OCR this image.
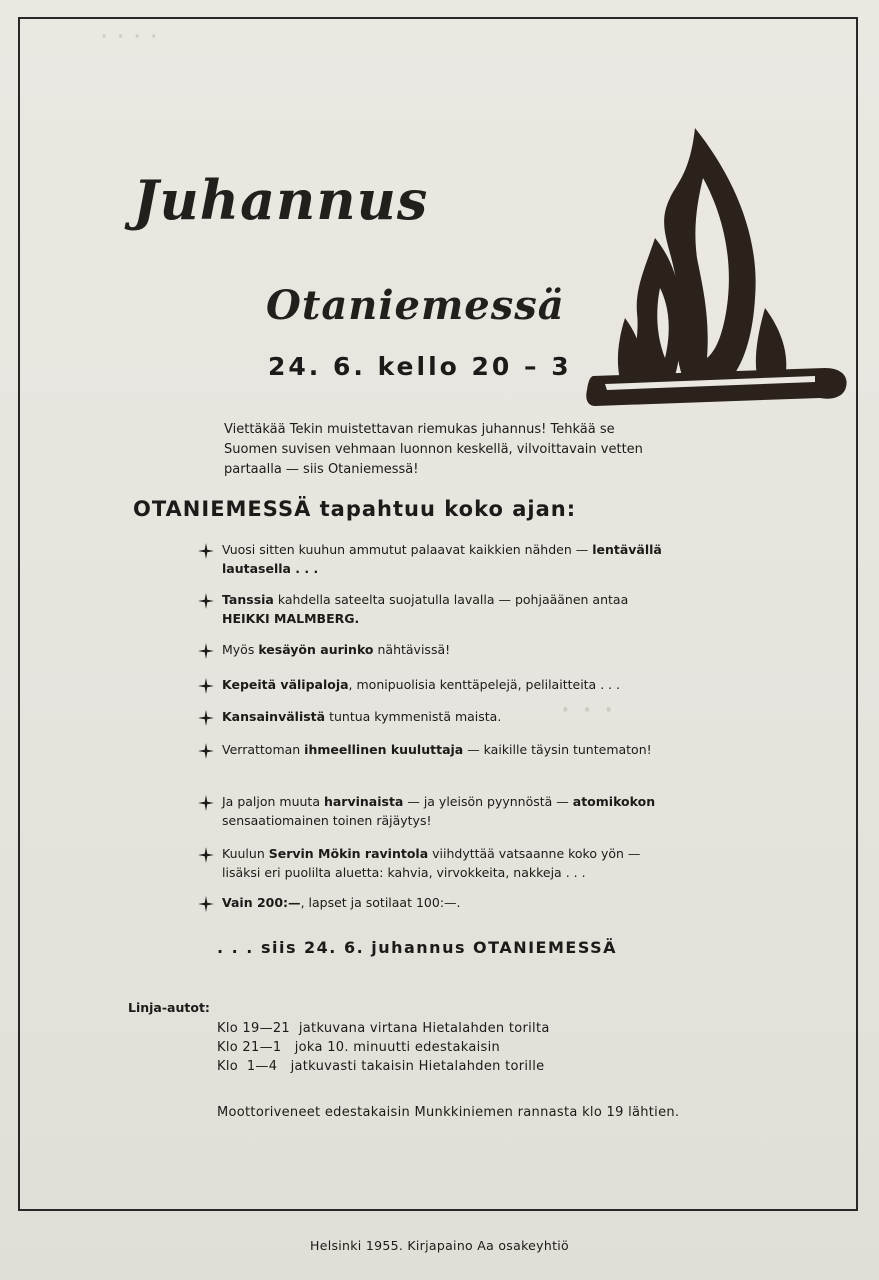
· · · ·
· · ·
Juhannus
Otaniemessä
24. 6. kello 20 – 3
Viettäkää Tekin muistettavan riemukas juhannus! Tehkää se Suomen suvisen vehmaan luonnon keskellä, vilvoittavain vetten partaalla — siis Otaniemessä!
OTANIEMESSÄ tapahtuu koko ajan:
Vuosi sitten kuuhun ammutut palaavat kaikkien nähden — lentävällä lautasella . . .
Tanssia kahdella sateelta suojatulla lavalla — pohjaäänen antaa HEIKKI MALMBERG.
Myös kesäyön aurinko nähtävissä!
Kepeitä välipaloja, monipuolisia kenttäpelejä, pelilaitteita . . .
Kansainvälistä tuntua kymmenistä maista.
Verrattoman ihmeellinen kuuluttaja — kaikille täysin tuntematon!
Ja paljon muuta harvinaista — ja yleisön pyynnöstä — atomikokon sensaatiomainen toinen räjäytys!
Kuulun Servin Mökin ravintola viihdyttää vatsaanne koko yön — lisäksi eri puolilta aluetta: kahvia, virvokkeita, nakkeja . . .
Vain 200:—, lapset ja sotilaat 100:—.
. . . siis 24. 6. juhannus OTANIEMESSÄ
Linja-autot:
Klo 19—21  jatkuvana virtana Hietalahden torilta
Klo 21—1   joka 10. minuutti edestakaisin
Klo  1—4   jatkuvasti takaisin Hietalahden torille
Moottoriveneet edestakaisin Munkkiniemen rannasta klo 19 lähtien.
Helsinki 1955. Kirjapaino Aa osakeyhtiö
